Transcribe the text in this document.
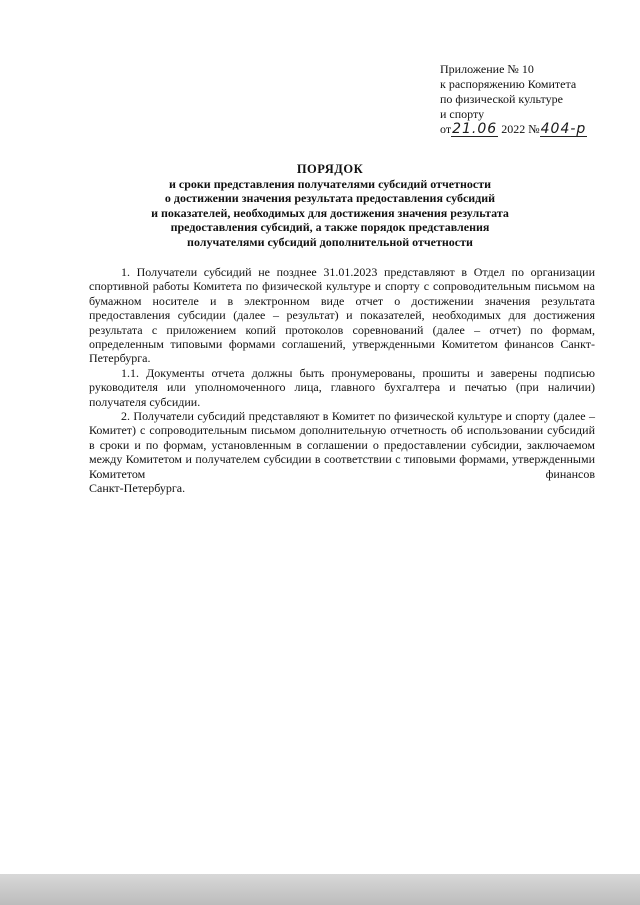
Приложение № 10
к распоряжению Комитета
по физической культуре
и спорту
от21.06 2022 №404-р
ПОРЯДОК
и сроки представления получателями субсидий отчетности
о достижении значения результата предоставления субсидий
и показателей, необходимых для достижения значения результата
предоставления субсидий, а также порядок представления
получателями субсидий дополнительной отчетности

1. Получатели субсидий не позднее 31.01.2023 представляют в Отдел по организации спортивной работы Комитета по физической культуре и спорту с сопроводительным письмом на бумажном носителе и в электронном виде отчет о достижении значения результата предоставления субсидии (далее – результат) и показателей, необходимых для достижения результата с приложением копий протоколов соревнований (далее – отчет) по формам, определенным типовыми формами соглашений, утвержденными Комитетом финансов Санкт-Петербурга.

1.1. Документы отчета должны быть пронумерованы, прошиты и заверены подписью руководителя или уполномоченного лица, главного бухгалтера и печатью (при наличии) получателя субсидии.

2. Получатели субсидий представляют в Комитет по физической культуре и спорту (далее – Комитет) с сопроводительным письмом дополнительную отчетность об использовании субсидий в сроки и по формам, установленным в соглашении о предоставлении субсидии, заключаемом между Комитетом и получателем субсидии в соответствии с типовыми формами, утвержденными Комитетом финансов

Санкт-Петербурга.
